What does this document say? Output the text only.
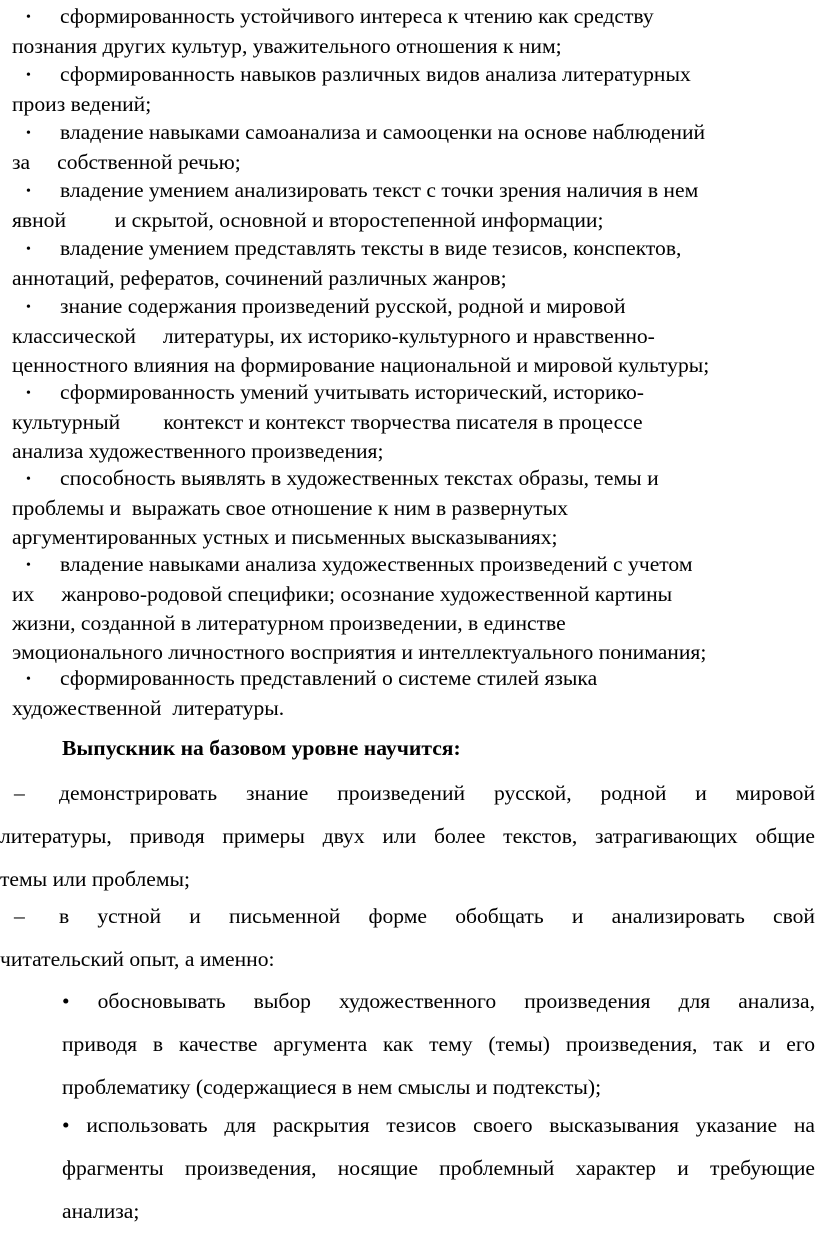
• сформированность устойчивого интереса к чтению как средству
познания других культур, уважительного отношения к ним;
• сформированность навыков различных видов анализа литературных
произ ведений;
• владение навыками самоанализа и самооценки на основе наблюдений
за     собственной речью;
• владение умением анализировать текст с точки зрения наличия в нем
явной         и скрытой, основной и второстепенной информации;
• владение умением представлять тексты в виде тезисов, конспектов,
аннотаций, рефератов, сочинений различных жанров;
• знание содержания произведений русской, родной и мировой
классической     литературы, их историко-культурного и нравственно-
ценностного влияния на формирование национальной и мировой культуры;
• сформированность умений учитывать исторический, историко-
культурный        контекст и контекст творчества писателя в процессе
анализа художественного произведения;
• способность выявлять в художественных текстах образы, темы и
проблемы и  выражать свое отношение к ним в развернутых
аргументированных устных и письменных высказываниях;
• владение навыками анализа художественных произведений с учетом
их     жанрово-родовой специфики; осознание художественной картины
жизни, созданной в литературном произведении, в единстве
эмоционального личностного восприятия и интеллектуального понимания;
• сформированность представлений о системе стилей языка
художественной  литературы.
Выпускник на базовом уровне научится:
– демонстрировать знание произведений русской, родной и мировой
литературы, приводя примеры двух или более текстов, затрагивающих общие
темы или проблемы;
– в устной и письменной форме обобщать и анализировать свой
читательский опыт, а именно:
• обосновывать выбор художественного произведения для анализа,
приводя в качестве аргумента как тему (темы) произведения, так и его
проблематику (содержащиеся в нем смыслы и подтексты);
• использовать для раскрытия тезисов своего высказывания указание на
фрагменты произведения, носящие проблемный характер и требующие
анализа;
